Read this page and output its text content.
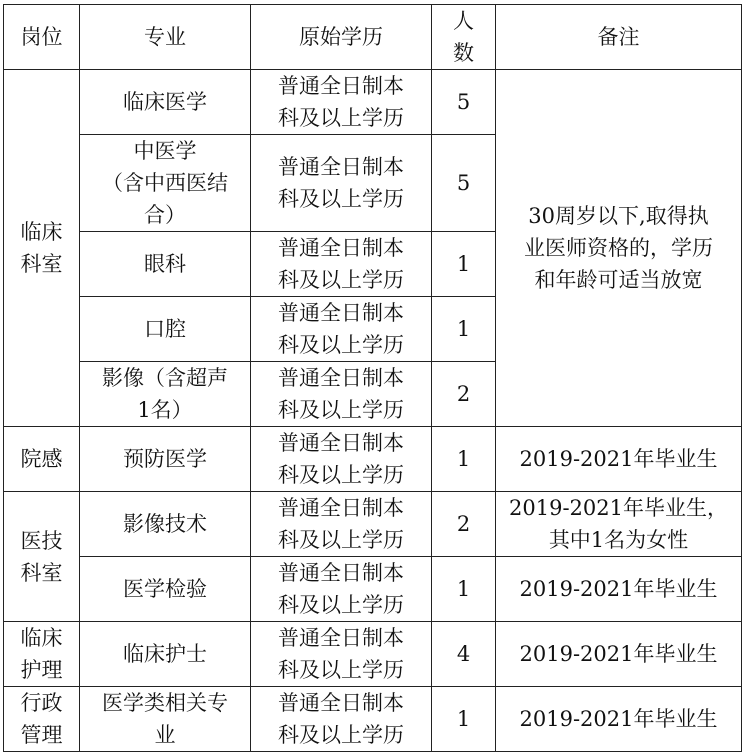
岗位	专业	原始学历	人
数	备注
临床
科室	临床医学	普通全日制本
科及以上学历	5	30周岁以下,取得执
业医师资格的，学历
和年龄可适当放宽
	中医学
（含中西医结
合）	普通全日制本
科及以上学历	5	
	眼科	普通全日制本
科及以上学历	1	
	口腔	普通全日制本
科及以上学历	1	
	影像（含超声
1名）	普通全日制本
科及以上学历	2	
院感	预防医学	普通全日制本
科及以上学历	1	2019-2021年毕业生
医技
科室	影像技术	普通全日制本
科及以上学历	2	2019-2021年毕业生，
其中1名为女性
	医学检验	普通全日制本
科及以上学历	1	2019-2021年毕业生
临床
护理	临床护士	普通全日制本
科及以上学历	4	2019-2021年毕业生
行政
管理	医学类相关专
业	普通全日制本
科及以上学历	1	2019-2021年毕业生
